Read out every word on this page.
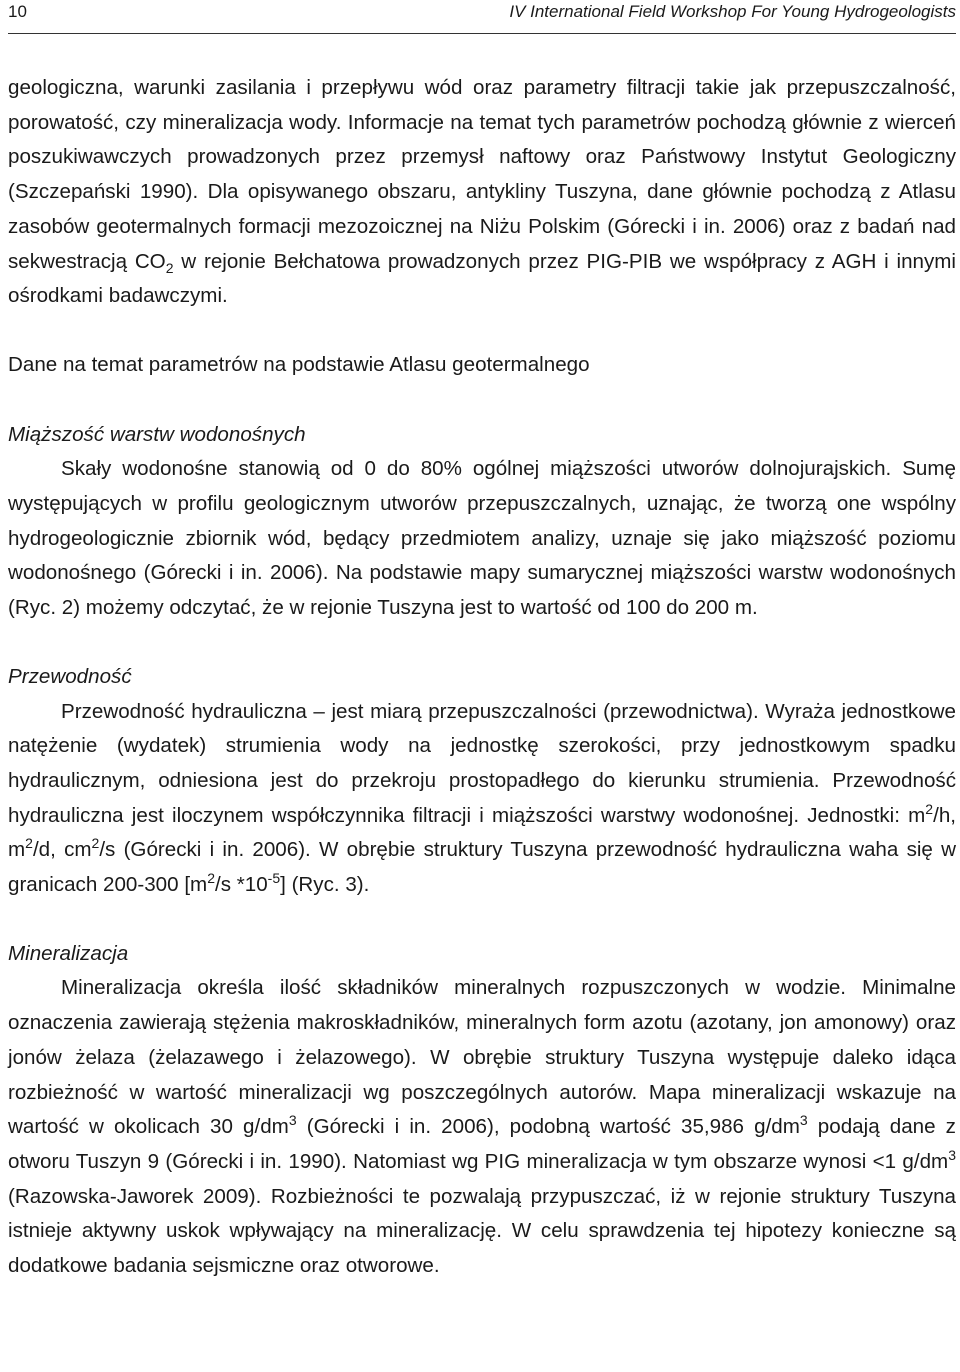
10	IV International Field Workshop For Young Hydrogeologists

geologiczna, warunki zasilania i przepływu wód oraz parametry filtracji takie jak przepuszczalność, porowatość, czy mineralizacja wody. Informacje na temat tych parametrów pochodzą głównie z wierceń poszukiwawczych prowadzonych przez przemysł naftowy oraz Państwowy Instytut Geologiczny (Szczepański 1990). Dla opisywanego obszaru, antykliny Tuszyna, dane głównie pochodzą z Atlasu zasobów geotermalnych formacji mezozoicznej na Niżu Polskim (Górecki i in. 2006) oraz z badań nad sekwestracją $CO_2$ w rejonie Bełchatowa prowadzonych przez PIG-PIB we współpracy z AGH i innymi ośrodkami badawczymi.

Dane na temat parametrów na podstawie Atlasu geotermalnego

Miąższość warstw wodonośnych

Skały wodonośne stanowią od 0 do 80% ogólnej miąższości utworów dolnojurajskich. Sumę występujących w profilu geologicznym utworów przepuszczalnych, uznając, że tworzą one wspólny hydrogeologicznie zbiornik wód, będący przedmiotem analizy, uznaje się jako miąższość poziomu wodonośnego (Górecki i in. 2006). Na podstawie mapy sumarycznej miąższości warstw wodonośnych (Ryc. 2) możemy odczytać, że w rejonie Tuszyna jest to wartość od 100 do 200 m.

Przewodność

Przewodność hydrauliczna – jest miarą przepuszczalności (przewodnictwa). Wyraża jednostkowe natężenie (wydatek) strumienia wody na jednostkę szerokości, przy jednostkowym spadku hydraulicznym, odniesiona jest do przekroju prostopadłego do kierunku strumienia. Przewodność hydrauliczna jest iloczynem współczynnika filtracji i miąższości warstwy wodonośnej. Jednostki: $m^2/h$, $m^2/d$, $cm^2/s$ (Górecki i in. 2006). W obrębie struktury Tuszyna przewodność hydrauliczna waha się w granicach 200-300 [$m^2/s$ $*10^{-5}$] (Ryc. 3).

Mineralizacja

Mineralizacja określa ilość składników mineralnych rozpuszczonych w wodzie. Minimalne oznaczenia zawierają stężenia makroskładników, mineralnych form azotu (azotany, jon amonowy) oraz jonów żelaza (żelazawego i żelazowego). W obrębie struktury Tuszyna występuje daleko idąca rozbieżność w wartość mineralizacji wg poszczególnych autorów. Mapa mineralizacji wskazuje na wartość w okolicach 30 $g/dm^3$ (Górecki i in. 2006), podobną wartość 35,986 $g/dm^3$ podają dane z otworu Tuszyn 9 (Górecki i in. 1990). Natomiast wg PIG mineralizacja w tym obszarze wynosi <1 $g/dm^3$ (Razowska-Jaworek 2009). Rozbieżności te pozwalają przypuszczać, iż w rejonie struktury Tuszyna istnieje aktywny uskok wpływający na mineralizację. W celu sprawdzenia tej hipotezy konieczne są dodatkowe badania sejsmiczne oraz otworowe.
